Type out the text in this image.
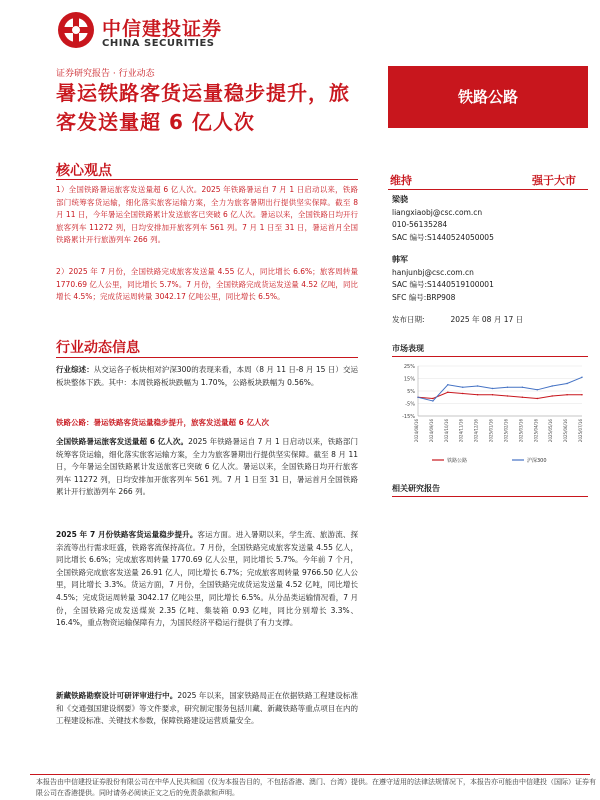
中信建投证券
CHINA SECURITIES
证券研究报告 · 行业动态
暑运铁路客货运量稳步提升，旅客发送量超 6 亿人次
铁路公路
核心观点
1）全国铁路暑运旅客发送量超 6 亿人次。2025 年铁路暑运自 7 月 1 日启动以来，铁路部门统筹客货运输，细化落实旅客运输方案，全力为旅客暑期出行提供坚实保障。截至 8 月 11 日，今年暑运全国铁路累计发送旅客已突破 6 亿人次。暑运以来，全国铁路日均开行旅客列车 11272 列，日均安排加开旅客列车 561 列。7 月 1 日至 31 日，暑运首月全国铁路累计开行旅游列车 266 列。
2）2025 年 7 月份，全国铁路完成旅客发送量 4.55 亿人，同比增长 6.6%；旅客周转量 1770.69 亿人公里，同比增长 5.7%。7 月份，全国铁路完成货运发送量 4.52 亿吨，同比增长 4.5%；完成货运周转量 3042.17 亿吨公里，同比增长 6.5%。
行业动态信息
行业综述：从交运各子板块相对沪深300的表现来看，本周（8 月 11 日-8 月 15 日）交运板块整体下跌。其中：本周铁路板块跌幅为 1.70%，公路板块跌幅为 0.56%。
铁路公路：暑运铁路客货运量稳步提升，旅客发送量超 6 亿人次
全国铁路暑运旅客发送量超 6 亿人次。2025 年铁路暑运自 7 月 1 日启动以来，铁路部门统筹客货运输，细化落实旅客运输方案，全力为旅客暑期出行提供坚实保障。截至 8 月 11 日，今年暑运全国铁路累计发送旅客已突破 6 亿人次。暑运以来，全国铁路日均开行旅客列车 11272 列，日均安排加开旅客列车 561 列。7 月 1 日至 31 日，暑运首月全国铁路累计开行旅游列车 266 列。
2025 年 7 月份铁路客货运量稳步提升。客运方面。进入暑期以来，学生流、旅游流、探亲流等出行需求旺盛，铁路客流保持高位。7 月份，全国铁路完成旅客发送量 4.55 亿人，同比增长 6.6%；完成旅客周转量 1770.69 亿人公里，同比增长 5.7%。今年前 7 个月，全国铁路完成旅客发送量 26.91 亿人，同比增长 6.7%；完成旅客周转量 9766.50 亿人公里，同比增长 3.3%。货运方面，7 月份，全国铁路完成货运发送量 4.52 亿吨，同比增长 4.5%；完成货运周转量 3042.17 亿吨公里，同比增长 6.5%。从分品类运输情况看，7 月份，全国铁路完成发送煤炭 2.35 亿吨、集装箱 0.93 亿吨，同比分别增长 3.3%、16.4%，重点物资运输保障有力，为国民经济平稳运行提供了有力支撑。
新藏铁路勘察设计可研评审进行中。2025 年以来，国家铁路局正在依据铁路工程建设标准和《交通强国建设纲要》等文件要求，研究制定服务包括川藏、新藏铁路等重点项目在内的工程建设标准、关键技术参数，保障铁路建设运营质量安全。
维持	强于大市
梁骁
liangxiaobj@csc.com.cn
010-56135284
SAC 编号:S1440524050005
韩军
hanjunbj@csc.com.cn
SAC 编号:S1440519100001
SFC 编号:BRP908
发布日期:	2025 年 08 月 17 日
市场表现
25%
15%
5%
-5%
-15%
2024/08/16 2024/09/16 2024/10/16 2024/11/16 2024/12/16 2025/01/16 2025/02/16 2025/03/16 2025/04/16 2025/05/16 2025/06/16 2025/07/16
铁路公路	沪深300
相关研究报告
本报告由中信建投证券股份有限公司在中华人民共和国（仅为本报告目的，不包括香港、澳门、台湾）提供。在遵守适用的法律法规情况下，本报告亦可能由中信建投（国际）证券有限公司在香港提供。同时请务必阅读正文之后的免责条款和声明。
